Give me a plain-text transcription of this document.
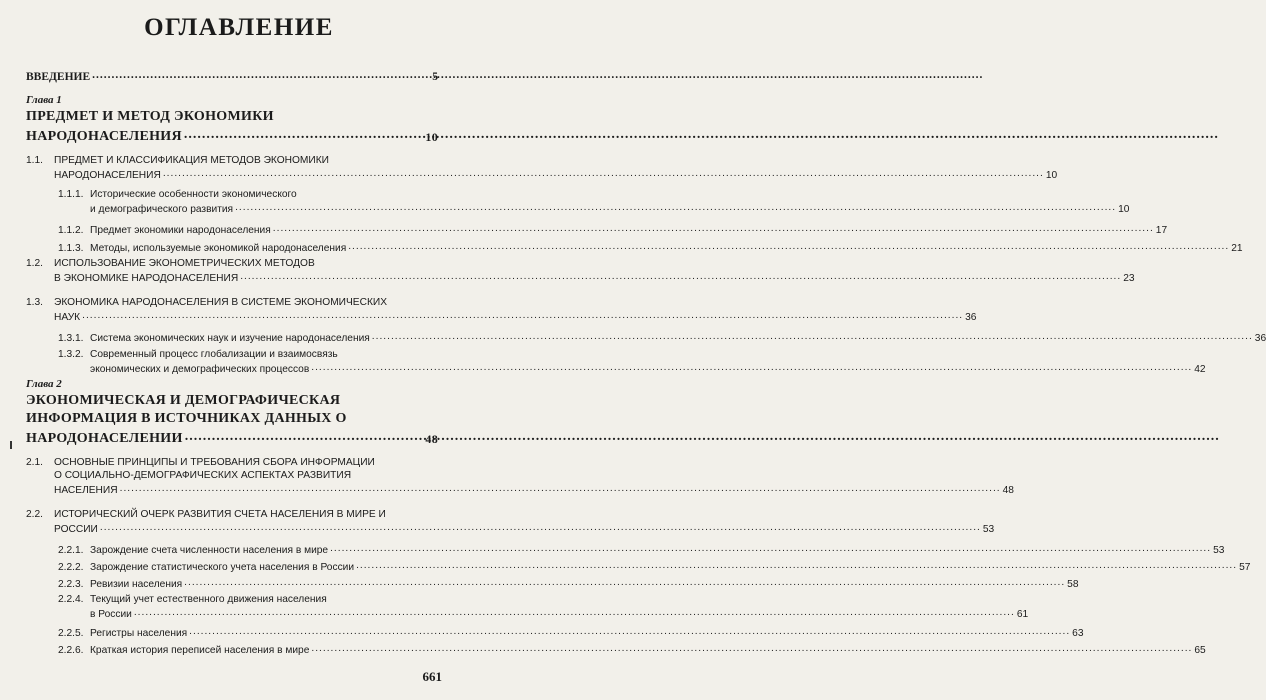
ОГЛАВЛЕНИЕ
ВВЕДЕНИЕ .....	5
Глава 1
ПРЕДМЕТ И МЕТОД ЭКОНОМИКИ
НАРОДОНАСЕЛЕНИЯ .....	10
1.1.	ПРЕДМЕТ И КЛАССИФИКАЦИЯ МЕТОДОВ ЭКОНОМИКИ
НАРОДОНАСЕЛЕНИЯ .....	10
1.1.1. Исторические особенности экономического
и демографического развития .....	10
1.1.2. Предмет экономики народонаселения .....	17
1.1.3. Методы, используемые экономикой народонаселения .....	21
1.2.	ИСПОЛЬЗОВАНИЕ ЭКОНОМЕТРИЧЕСКИХ МЕТОДОВ
В ЭКОНОМИКЕ НАРОДОНАСЕЛЕНИЯ .....	23
1.3.	ЭКОНОМИКА НАРОДОНАСЕЛЕНИЯ В СИСТЕМЕ ЭКОНОМИЧЕСКИХ
НАУК .....	36
1.3.1. Система экономических наук и изучение народонаселения .....	36
1.3.2. Современный процесс глобализации и взаимосвязь
экономических и демографических процессов .....	42
Глава 2
ЭКОНОМИЧЕСКАЯ И ДЕМОГРАФИЧЕСКАЯ
ИНФОРМАЦИЯ В ИСТОЧНИКАХ ДАННЫХ О
НАРОДОНАСЕЛЕНИИ .....	48
2.1.	ОСНОВНЫЕ ПРИНЦИПЫ И ТРЕБОВАНИЯ СБОРА ИНФОРМАЦИИ
О СОЦИАЛЬНО-ДЕМОГРАФИЧЕСКИХ АСПЕКТАХ РАЗВИТИЯ
НАСЕЛЕНИЯ .....	48
2.2.	ИСТОРИЧЕСКИЙ ОЧЕРК РАЗВИТИЯ СЧЕТА НАСЕЛЕНИЯ В МИРЕ И
РОССИИ .....	53
2.2.1. Зарождение счета численности населения в мире .....	53
2.2.2. Зарождение статистического учета населения в России .....	57
2.2.3. Ревизии населения .....	58
2.2.4. Текущий учет естественного движения населения
в России .....	61
2.2.5. Регистры населения .....	63
2.2.6. Краткая история переписей населения в мире .....	65
661
